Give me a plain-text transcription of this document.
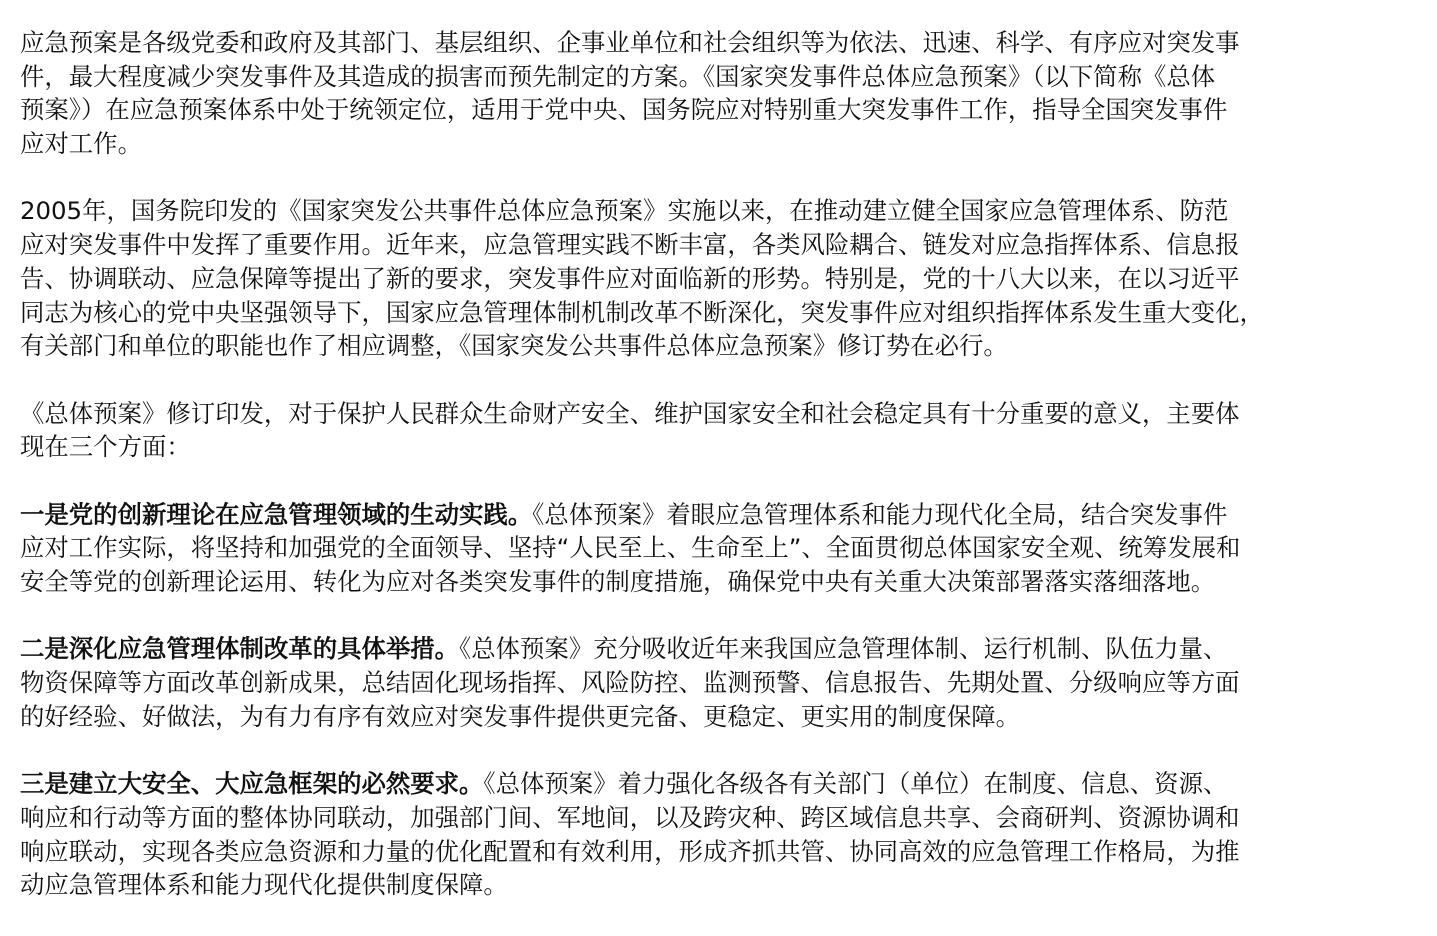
应急预案是各级党委和政府及其部门、基层组织、企事业单位和社会组织等为依法、迅速、科学、有序应对突发事
件，最大程度减少突发事件及其造成的损害而预先制定的方案。《国家突发事件总体应急预案》（以下简称《总体
预案》）在应急预案体系中处于统领定位，适用于党中央、国务院应对特别重大突发事件工作，指导全国突发事件
应对工作。

2005年，国务院印发的《国家突发公共事件总体应急预案》实施以来，在推动建立健全国家应急管理体系、防范
应对突发事件中发挥了重要作用。近年来，应急管理实践不断丰富，各类风险耦合、链发对应急指挥体系、信息报
告、协调联动、应急保障等提出了新的要求，突发事件应对面临新的形势。特别是，党的十八大以来，在以习近平
同志为核心的党中央坚强领导下，国家应急管理体制机制改革不断深化，突发事件应对组织指挥体系发生重大变化，
有关部门和单位的职能也作了相应调整，《国家突发公共事件总体应急预案》修订势在必行。

《总体预案》修订印发，对于保护人民群众生命财产安全、维护国家安全和社会稳定具有十分重要的意义，主要体
现在三个方面：

一是党的创新理论在应急管理领域的生动实践。《总体预案》着眼应急管理体系和能力现代化全局，结合突发事件
应对工作实际，将坚持和加强党的全面领导、坚持“人民至上、生命至上”、全面贯彻总体国家安全观、统筹发展和
安全等党的创新理论运用、转化为应对各类突发事件的制度措施，确保党中央有关重大决策部署落实落细落地。

二是深化应急管理体制改革的具体举措。《总体预案》充分吸收近年来我国应急管理体制、运行机制、队伍力量、
物资保障等方面改革创新成果，总结固化现场指挥、风险防控、监测预警、信息报告、先期处置、分级响应等方面
的好经验、好做法，为有力有序有效应对突发事件提供更完备、更稳定、更实用的制度保障。

三是建立大安全、大应急框架的必然要求。《总体预案》着力强化各级各有关部门（单位）在制度、信息、资源、
响应和行动等方面的整体协同联动，加强部门间、军地间，以及跨灾种、跨区域信息共享、会商研判、资源协调和
响应联动，实现各类应急资源和力量的优化配置和有效利用，形成齐抓共管、协同高效的应急管理工作格局，为推
动应急管理体系和能力现代化提供制度保障。
